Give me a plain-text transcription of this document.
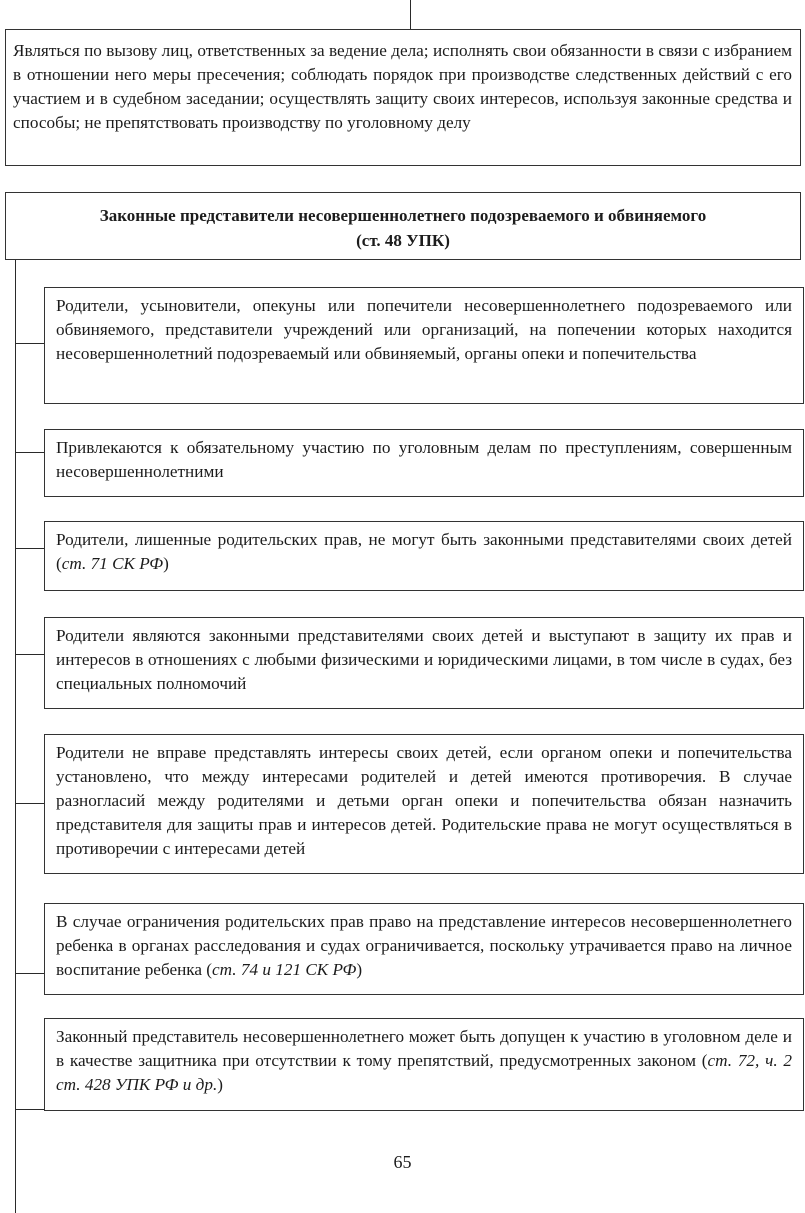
Являться по вызову лиц, ответственных за ведение дела; исполнять свои обязанности в связи с избранием в отношении него меры пресечения; соблюдать порядок при производстве следственных действий с его участием и в судебном заседании; осуществлять защиту своих интересов, используя законные средства и способы; не препятствовать производству по уголовному делу

Законные представители несовершеннолетнего подозреваемого и обвиняемого
(ст. 48 УПК)

Родители, усыновители, опекуны или попечители несовершеннолетнего подозреваемого или обвиняемого, представители учреждений или организаций, на попечении которых находится несовершеннолетний подозреваемый или обвиняемый, органы опеки и попечительства

Привлекаются к обязательному участию по уголовным делам по преступлениям, совершенным несовершеннолетними

Родители, лишенные родительских прав, не могут быть законными представителями своих детей (ст. 71 СК РФ)

Родители являются законными представителями своих детей и выступают в защиту их прав и интересов в отношениях с любыми физическими и юридическими лицами, в том числе в судах, без специальных полномочий

Родители не вправе представлять интересы своих детей, если органом опеки и попечительства установлено, что между интересами родителей и детей имеются противоречия. В случае разногласий между родителями и детьми орган опеки и попечительства обязан назначить представителя для защиты прав и интересов детей. Родительские права не могут осуществляться в противоречии с интересами детей

В случае ограничения родительских прав право на представление интересов несовершеннолетнего ребенка в органах расследования и судах ограничивается, поскольку утрачивается право на личное воспитание ребенка (ст. 74 и 121 СК РФ)

Законный представитель несовершеннолетнего может быть допущен к участию в уголовном деле и в качестве защитника при отсутствии к тому препятствий, предусмотренных законом (ст. 72, ч. 2 ст. 428 УПК РФ и др.)

65
